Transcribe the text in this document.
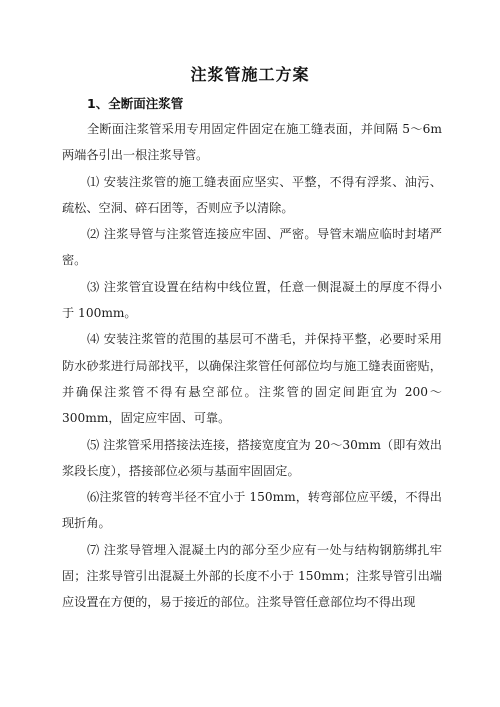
注浆管施工方案
1、全断面注浆管

全断面注浆管采用专用固定件固定在施工缝表面，并间隔 5～6m 两端各引出一根注浆导管。

⑴ 安装注浆管的施工缝表面应坚实、平整，不得有浮浆、油污、疏松、空洞、碎石团等，否则应予以清除。

⑵ 注浆导管与注浆管连接应牢固、严密。导管末端应临时封堵严密。

⑶ 注浆管宜设置在结构中线位置，任意一侧混凝土的厚度不得小于 100mm。

⑷ 安装注浆管的范围的基层可不凿毛，并保持平整，必要时采用防水砂浆进行局部找平，以确保注浆管任何部位均与施工缝表面密贴，并确保注浆管不得有悬空部位。注浆管的固定间距宜为 200～300mm，固定应牢固、可靠。

⑸ 注浆管采用搭接法连接，搭接宽度宜为 20～30mm（即有效出浆段长度），搭接部位必须与基面牢固固定。

⑹注浆管的转弯半径不宜小于 150mm，转弯部位应平缓，不得出现折角。

⑺ 注浆导管埋入混凝土内的部分至少应有一处与结构钢筋绑扎牢固；注浆导管引出混凝土外部的长度不小于 150mm；注浆导管引出端应设置在方便的，易于接近的部位。注浆导管任意部位均不得出现
